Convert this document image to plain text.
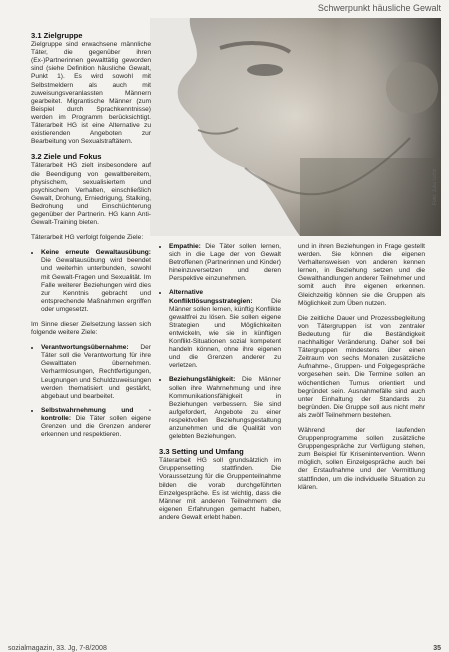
Schwerpunkt häusliche Gewalt
Foto: Julia Lichti
3.1 Zielgruppe

Zielgruppe sind erwachsene männliche Täter, die gegenüber ihren (Ex-)Partnerinnen gewalttätig geworden sind (siehe Definition häusliche Gewalt, Punkt 1). Es wird sowohl mit Selbstmeldern als auch mit zuweisungsveranlassten Männern gearbeitet. Migrantische Männer (zum Beispiel durch Sprachkenntnisse) werden im Programm berücksichtigt. Täterarbeit HG ist eine Alternative zu existierenden Angeboten zur Bearbeitung von Sexualstraftätern.

3.2 Ziele und Fokus

Täterarbeit HG zielt insbesondere auf die Beendigung von gewaltbereitem, physischem, sexualisiertem und psychischem Verhalten, einschließlich Gewalt, Drohung, Erniedrigung, Stalking, Bedrohung und Einschüchterung gegenüber der Partnerin. HG kann Anti-Gewalt-Training bieten.

Täterarbeit HG verfolgt folgende Ziele:

• Keine erneute Gewaltausübung: Die Gewaltausübung wird beendet und weiterhin unterbunden, sowohl mit Gewalt-Fragen und Sexualität. Im Falle weiterer Beziehungen wird dies zur Kenntnis gebracht und entsprechende Maßnahmen ergriffen oder umgesetzt.

Im Sinne dieser Zielsetzung lassen sich folgende weitere Ziele:

• Verantwortungsübernahme: Der Täter soll die Verantwortung für ihre Gewalttaten übernehmen. Verharmlosungen, Rechtfertigungen, Leugnungen und Schuldzuweisungen werden thematisiert und gestärkt, abgebaut und bearbeitet.
• Selbstwahrnehmung und -kontrolle: Die Täter sollen eigene Grenzen und die Grenzen anderer erkennen und respektieren.
• Empathie: Die Täter sollen lernen, sich in die Lage der von Gewalt Betroffenen (Partnerinnen und Kinder) hineinzuversetzen und deren Perspektive einzunehmen.
• Alternative Konfliktlösungsstrategien: Die Männer sollen lernen, künftig Konflikte gewaltfrei zu lösen. Sie sollen eigene Strategien und Möglichkeiten entwickeln, wie sie in künftigen Konflikt-Situationen sozial kompetent handeln können, ohne ihre eigenen und die Grenzen anderer zu verletzen.
• Beziehungsfähigkeit: Die Männer sollen ihre Wahrnehmung und ihre Kommunikationsfähigkeit in Beziehungen verbessern. Sie sind aufgefordert, Angebote zu einer respektvollen Beziehungsgestaltung anzunehmen und die Qualität von gelebten Beziehungen.
3.3 Setting und Umfang

Täterarbeit HG soll grundsätzlich im Gruppensetting stattfinden. Die Voraussetzung für die Gruppenteilnahme bilden die vorab durchgeführten Einzelgespräche. Es ist wichtig, dass die Männer mit anderen Teilnehmern die eigenen Erfahrungen gemacht haben, andere Gewalt erlebt haben.

und in ihren Beziehungen in Frage gestellt werden. Sie können die eigenen Verhaltensweisen von anderen kennen lernen, in Beziehung setzen und die Gewalthandlungen anderer Teilnehmer und somit auch ihre eigenen erkennen. Gleichzeitig können sie die Gruppen als Möglichkeit zum Üben nutzen.

Die zeitliche Dauer und Prozessbegleitung von Tätergruppen ist von zentraler Bedeutung für die Beständigkeit nachhaltiger Veränderung. Daher soll bei Tätergruppen mindestens über einen Zeitraum von sechs Monaten zusätzliche Aufnahme-, Gruppen- und Folgegespräche vorgesehen sein. Die Termine sollen an wöchentlichen Turnus orientiert und begründet sein. Ausnahmefälle sind auch unter Einhaltung der Standards zu begründen. Die Gruppe soll aus nicht mehr als zwölf Teilnehmern bestehen.

Während der laufenden Gruppenprogramme sollen zusätzliche Gruppengespräche zur Verfügung stehen, zum Beispiel für Krisenintervention. Wenn möglich, sollen Einzelgespräche auch bei der Erstaufnahme und der Vermittlung stattfinden, um die individuelle Situation zu klären.

sozialmagazin, 33. Jg, 7-8/2008	35
